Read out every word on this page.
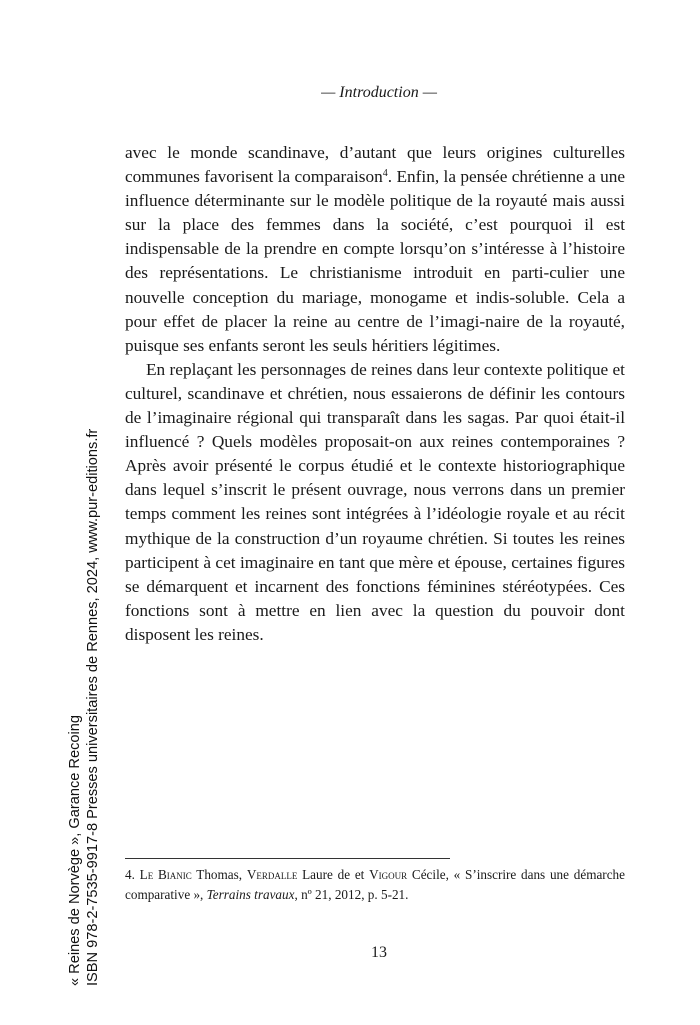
— Introduction —

avec le monde scandinave, d’autant que leurs origines culturelles communes favorisent la comparaison$^4$. Enfin, la pensée chrétienne a une influence déterminante sur le modèle politique de la royauté mais aussi sur la place des femmes dans la société, c’est pourquoi il est indispensable de la prendre en compte lorsqu’on s’intéresse à l’histoire des représentations. Le christianisme introduit en parti-culier une nouvelle conception du mariage, monogame et indis-soluble. Cela a pour effet de placer la reine au centre de l’imagi-naire de la royauté, puisque ses enfants seront les seuls héritiers légitimes.

En replaçant les personnages de reines dans leur contexte politique et culturel, scandinave et chrétien, nous essaierons de définir les contours de l’imaginaire régional qui transparaît dans les sagas. Par quoi était-il influencé ? Quels modèles proposait-on aux reines contemporaines ? Après avoir présenté le corpus étudié et le contexte historiographique dans lequel s’inscrit le présent ouvrage, nous verrons dans un premier temps comment les reines sont intégrées à l’idéologie royale et au récit mythique de la construction d’un royaume chrétien. Si toutes les reines participent à cet imaginaire en tant que mère et épouse, certaines figures se démarquent et incarnent des fonctions féminines stéréotypées. Ces fonctions sont à mettre en lien avec la question du pouvoir dont disposent les reines.

4. Le Bianic Thomas, Verdalle Laure de et Vigour Cécile, « S’inscrire dans une démarche comparative », Terrains travaux, nº 21, 2012, p. 5-21.
13
« Reines de Norvège », Garance Recoing ISBN 978-2-7535-9917-8 Presses universitaires de Rennes, 2024, www.pur-editions.fr
